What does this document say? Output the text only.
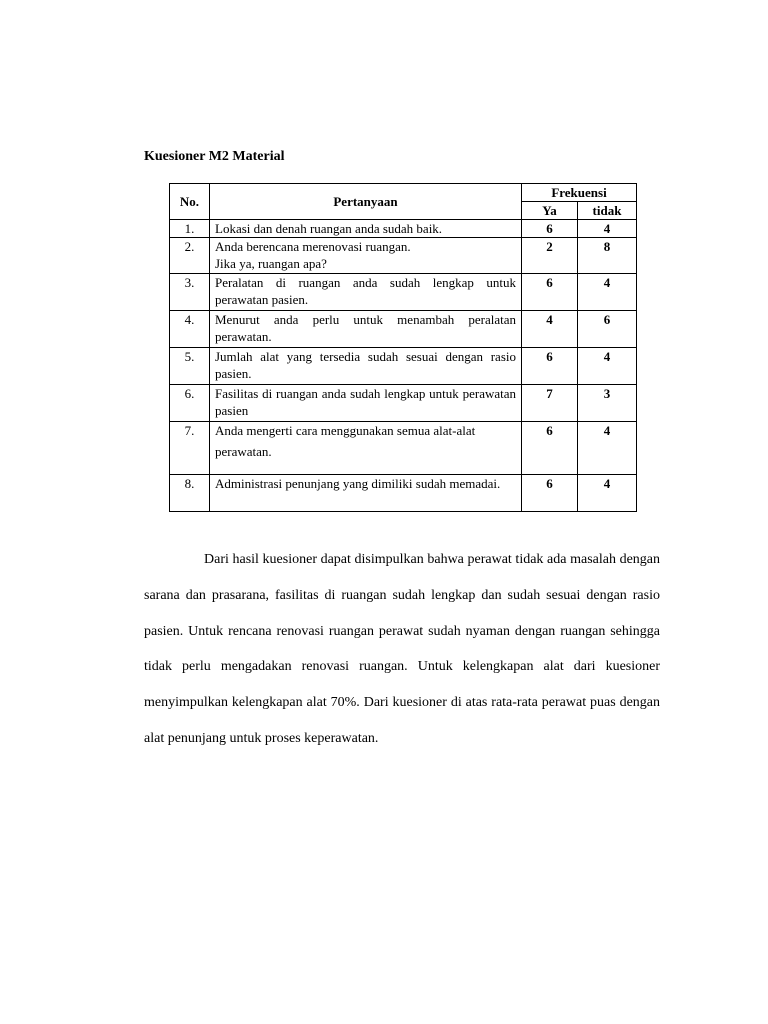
Kuesioner M2 Material
No.	Pertanyaan	Frekuensi	
		Ya	tidak
1.	Lokasi dan denah ruangan anda sudah baik.	6	4
2.	Anda berencana merenovasi ruangan.
Jika ya, ruangan apa?	2	8
3.	Peralatan di ruangan anda sudah lengkap untuk perawatan pasien.	6	4
4.	Menurut anda perlu untuk menambah peralatan perawatan.	4	6
5.	Jumlah alat yang tersedia sudah sesuai dengan rasio pasien.	6	4
6.	Fasilitas di ruangan anda sudah lengkap untuk perawatan pasien	7	3
7.	Anda mengerti cara menggunakan semua alat-alat
perawatan.	6	4
8.	Administrasi penunjang yang dimiliki sudah memadai.	6	4

Dari hasil kuesioner dapat disimpulkan bahwa perawat tidak ada masalah dengan sarana dan prasarana, fasilitas di ruangan sudah lengkap dan sudah sesuai dengan rasio pasien. Untuk rencana renovasi ruangan perawat sudah nyaman dengan ruangan sehingga tidak perlu mengadakan renovasi ruangan. Untuk kelengkapan alat dari kuesioner menyimpulkan kelengkapan alat 70%. Dari kuesioner di atas rata-rata perawat puas dengan alat penunjang untuk proses keperawatan.
